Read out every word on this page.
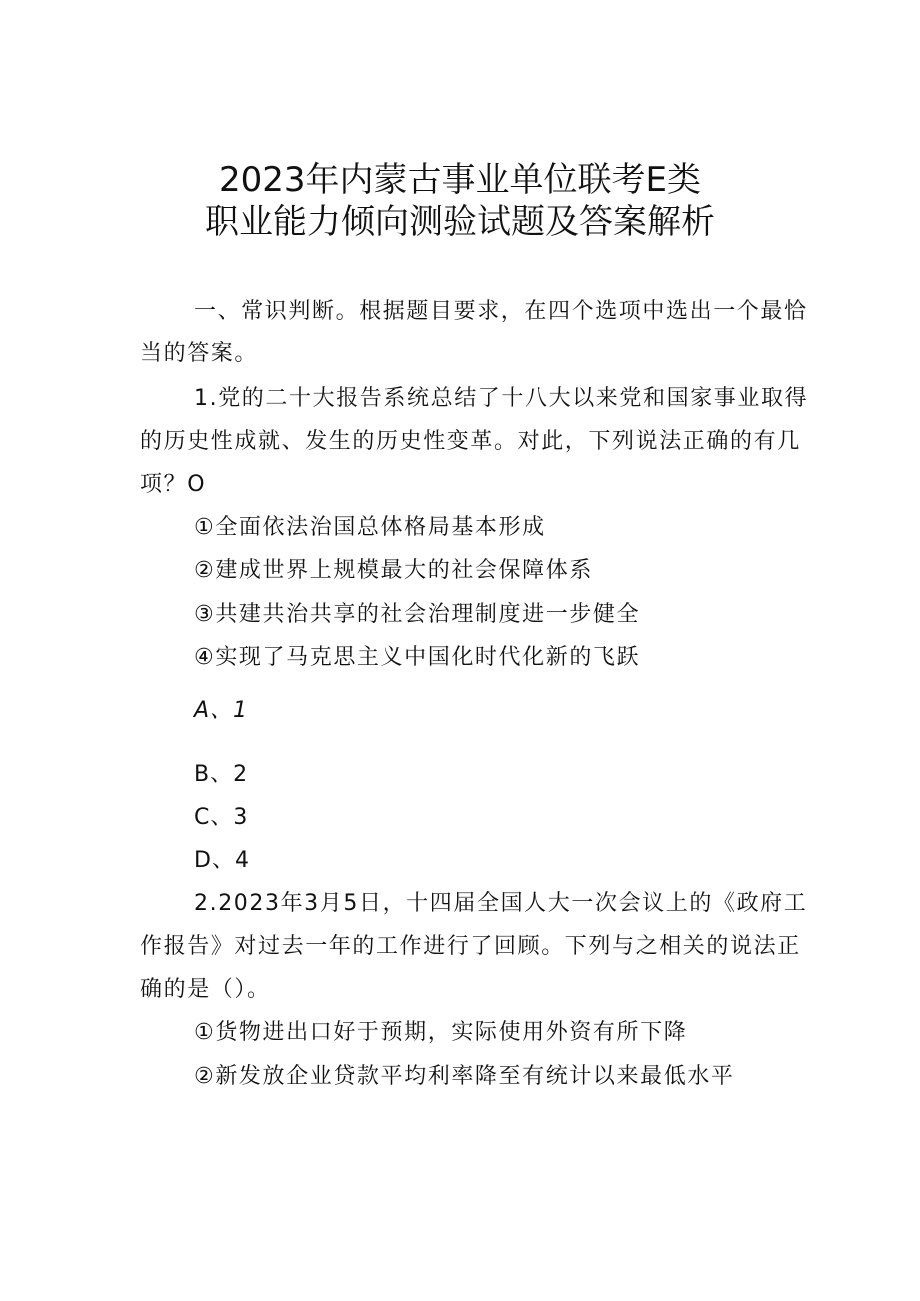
2023年内蒙古事业单位联考E类
职业能力倾向测验试题及答案解析
一、常识判断。根据题目要求，在四个选项中选出一个最恰
当的答案。
1.党的二十大报告系统总结了十八大以来党和国家事业取得
的历史性成就、发生的历史性变革。对此，下列说法正确的有几
项？O
①全面依法治国总体格局基本形成
②建成世界上规模最大的社会保障体系
③共建共治共享的社会治理制度进一步健全
④实现了马克思主义中国化时代化新的飞跃
A、1
B、2
C、3
D、4
2.2023年3月5日，十四届全国人大一次会议上的《政府工
作报告》对过去一年的工作进行了回顾。下列与之相关的说法正
确的是（）。
①货物进出口好于预期，实际使用外资有所下降
②新发放企业贷款平均利率降至有统计以来最低水平
